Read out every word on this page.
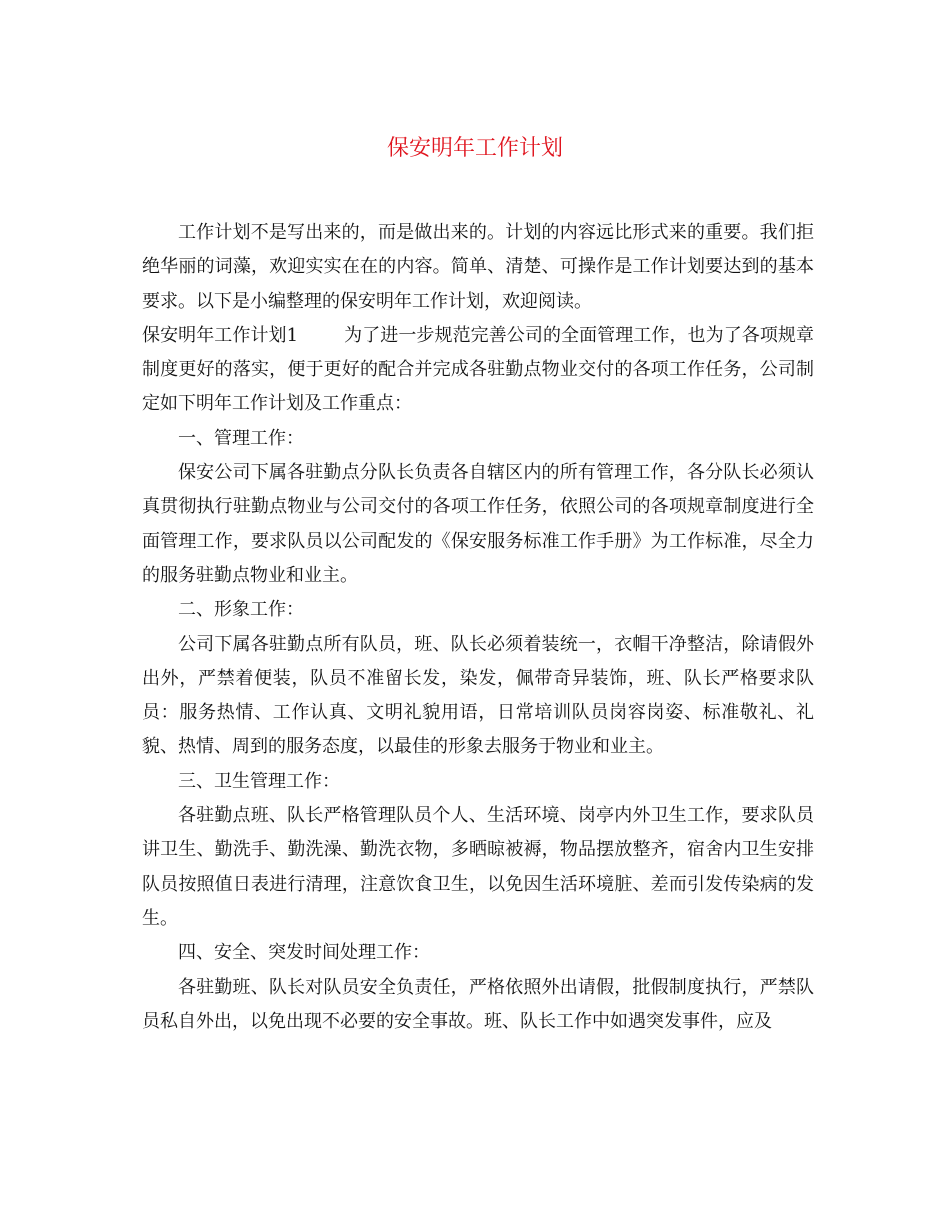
保安明年工作计划

工作计划不是写出来的，而是做出来的。计划的内容远比形式来的重要。我们拒绝华丽的词藻，欢迎实实在在的内容。简单、清楚、可操作是工作计划要达到的基本要求。以下是小编整理的保安明年工作计划，欢迎阅读。

保安明年工作计划1	为了进一步规范完善公司的全面管理工作，也为了各项规章制度更好的落实，便于更好的配合并完成各驻勤点物业交付的各项工作任务，公司制定如下明年工作计划及工作重点：

一、管理工作：

保安公司下属各驻勤点分队长负责各自辖区内的所有管理工作，各分队长必须认真贯彻执行驻勤点物业与公司交付的各项工作任务，依照公司的各项规章制度进行全面管理工作，要求队员以公司配发的《保安服务标准工作手册》为工作标准，尽全力的服务驻勤点物业和业主。

二、形象工作：

公司下属各驻勤点所有队员，班、队长必须着装统一，衣帽干净整洁，除请假外出外，严禁着便装，队员不准留长发，染发，佩带奇异装饰，班、队长严格要求队员：服务热情、工作认真、文明礼貌用语，日常培训队员岗容岗姿、标准敬礼、礼貌、热情、周到的服务态度，以最佳的形象去服务于物业和业主。

三、卫生管理工作：

各驻勤点班、队长严格管理队员个人、生活环境、岗亭内外卫生工作，要求队员讲卫生、勤洗手、勤洗澡、勤洗衣物，多晒晾被褥，物品摆放整齐，宿舍内卫生安排队员按照值日表进行清理，注意饮食卫生，以免因生活环境脏、差而引发传染病的发生。

四、安全、突发时间处理工作：

各驻勤班、队长对队员安全负责任，严格依照外出请假，批假制度执行，严禁队员私自外出，以免出现不必要的安全事故。班、队长工作中如遇突发事件，应及
